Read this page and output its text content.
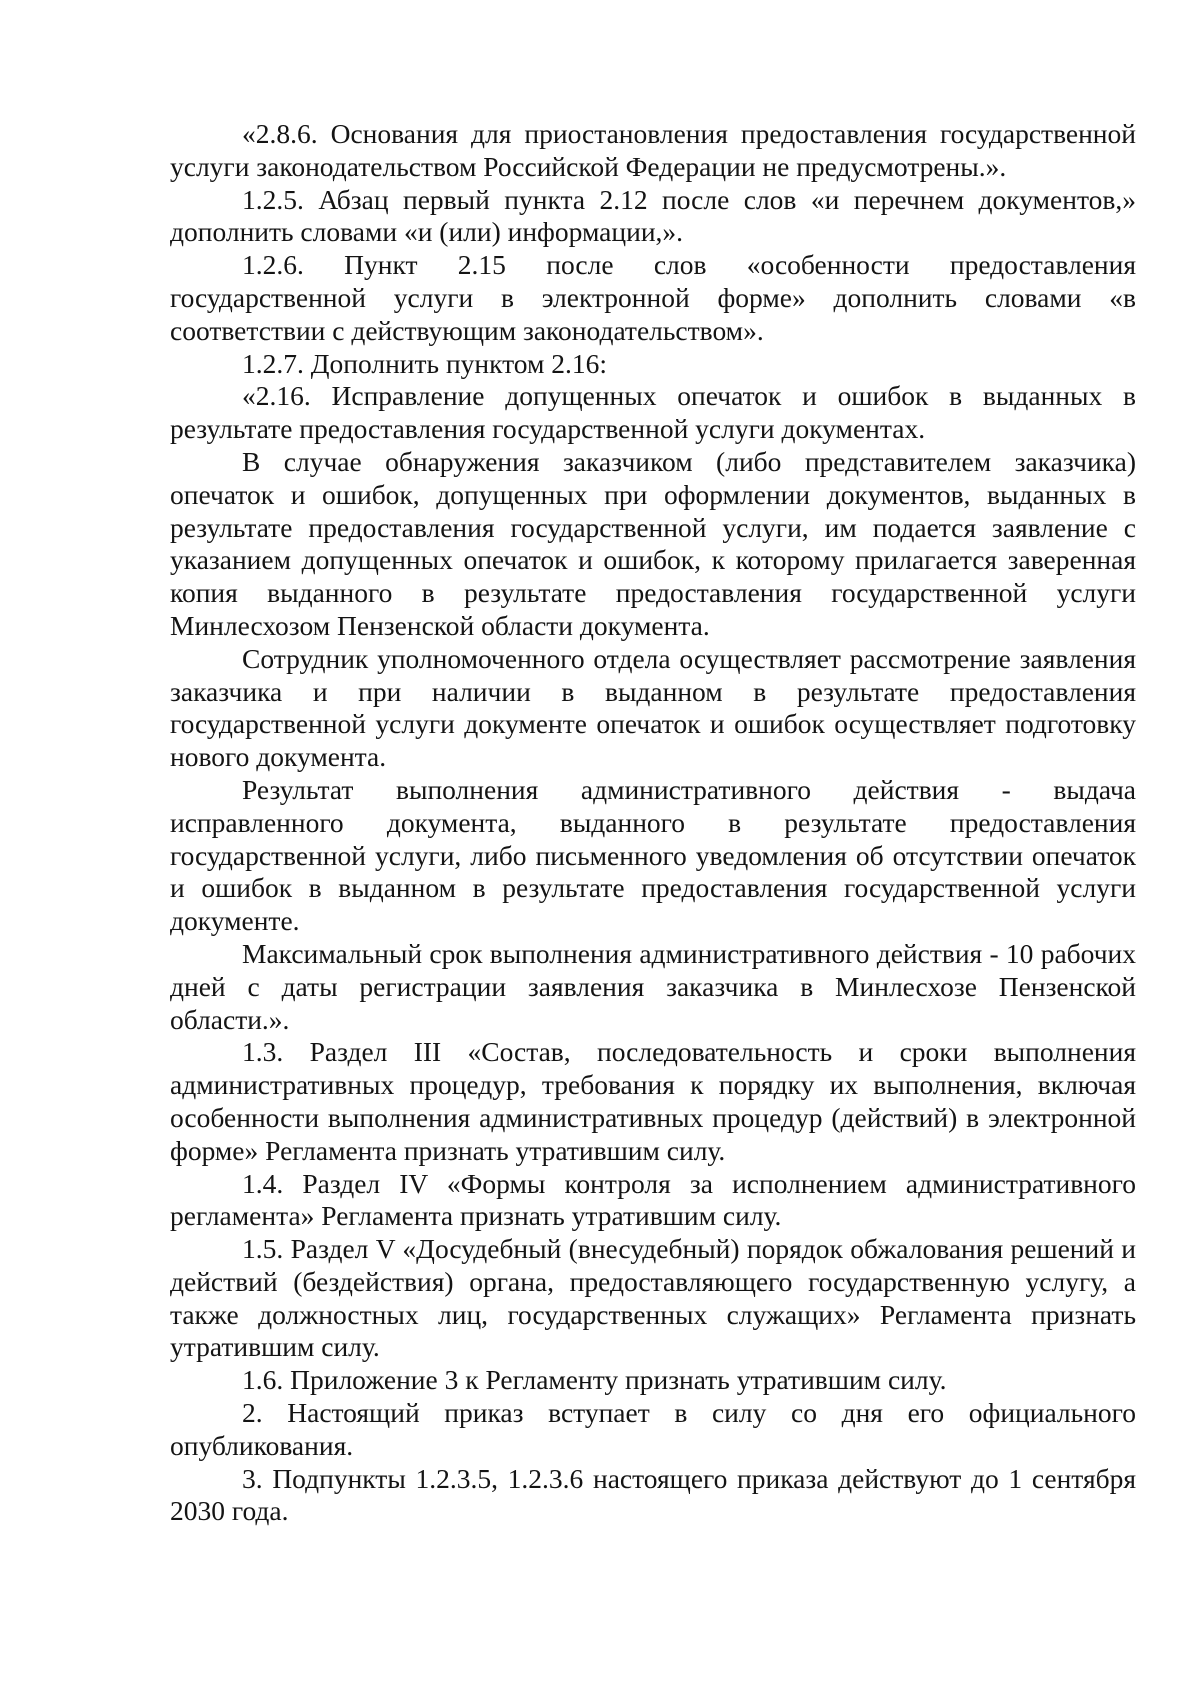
«2.8.6. Основания для приостановления предоставления государственной услуги законодательством Российской Федерации не предусмотрены.».

1.2.5. Абзац первый пункта 2.12 после слов «и перечнем документов,» дополнить словами «и (или) информации,».

1.2.6. Пункт 2.15 после слов «особенности предоставления государственной услуги в электронной форме» дополнить словами «в соответствии с действующим законодательством».

1.2.7. Дополнить пунктом 2.16:

«2.16. Исправление допущенных опечаток и ошибок в выданных в результате предоставления государственной услуги документах.

В случае обнаружения заказчиком (либо представителем заказчика) опечаток и ошибок, допущенных при оформлении документов, выданных в результате предоставления государственной услуги, им подается заявление с указанием допущенных опечаток и ошибок, к которому прилагается заверенная копия выданного в результате предоставления государственной услуги Минлесхозом Пензенской области документа.

Сотрудник уполномоченного отдела осуществляет рассмотрение заявления заказчика и при наличии в выданном в результате предоставления государственной услуги документе опечаток и ошибок осуществляет подготовку нового документа.

Результат выполнения административного действия - выдача исправленного документа, выданного в результате предоставления государственной услуги, либо письменного уведомления об отсутствии опечаток и ошибок в выданном в результате предоставления государственной услуги документе.

Максимальный срок выполнения административного действия - 10 рабочих дней с даты регистрации заявления заказчика в Минлесхозе Пензенской области.».

1.3. Раздел III «Состав, последовательность и сроки выполнения административных процедур, требования к порядку их выполнения, включая особенности выполнения административных процедур (действий) в электронной форме» Регламента признать утратившим силу.

1.4. Раздел IV «Формы контроля за исполнением административного регламента» Регламента признать утратившим силу.

1.5. Раздел V «Досудебный (внесудебный) порядок обжалования решений и действий (бездействия) органа, предоставляющего государственную услугу, а также должностных лиц, государственных служащих» Регламента признать утратившим силу.

1.6. Приложение 3 к Регламенту признать утратившим силу.

2. Настоящий приказ вступает в силу со дня его официального опубликования.

3. Подпункты 1.2.3.5, 1.2.3.6 настоящего приказа действуют до 1 сентября 2030 года.
